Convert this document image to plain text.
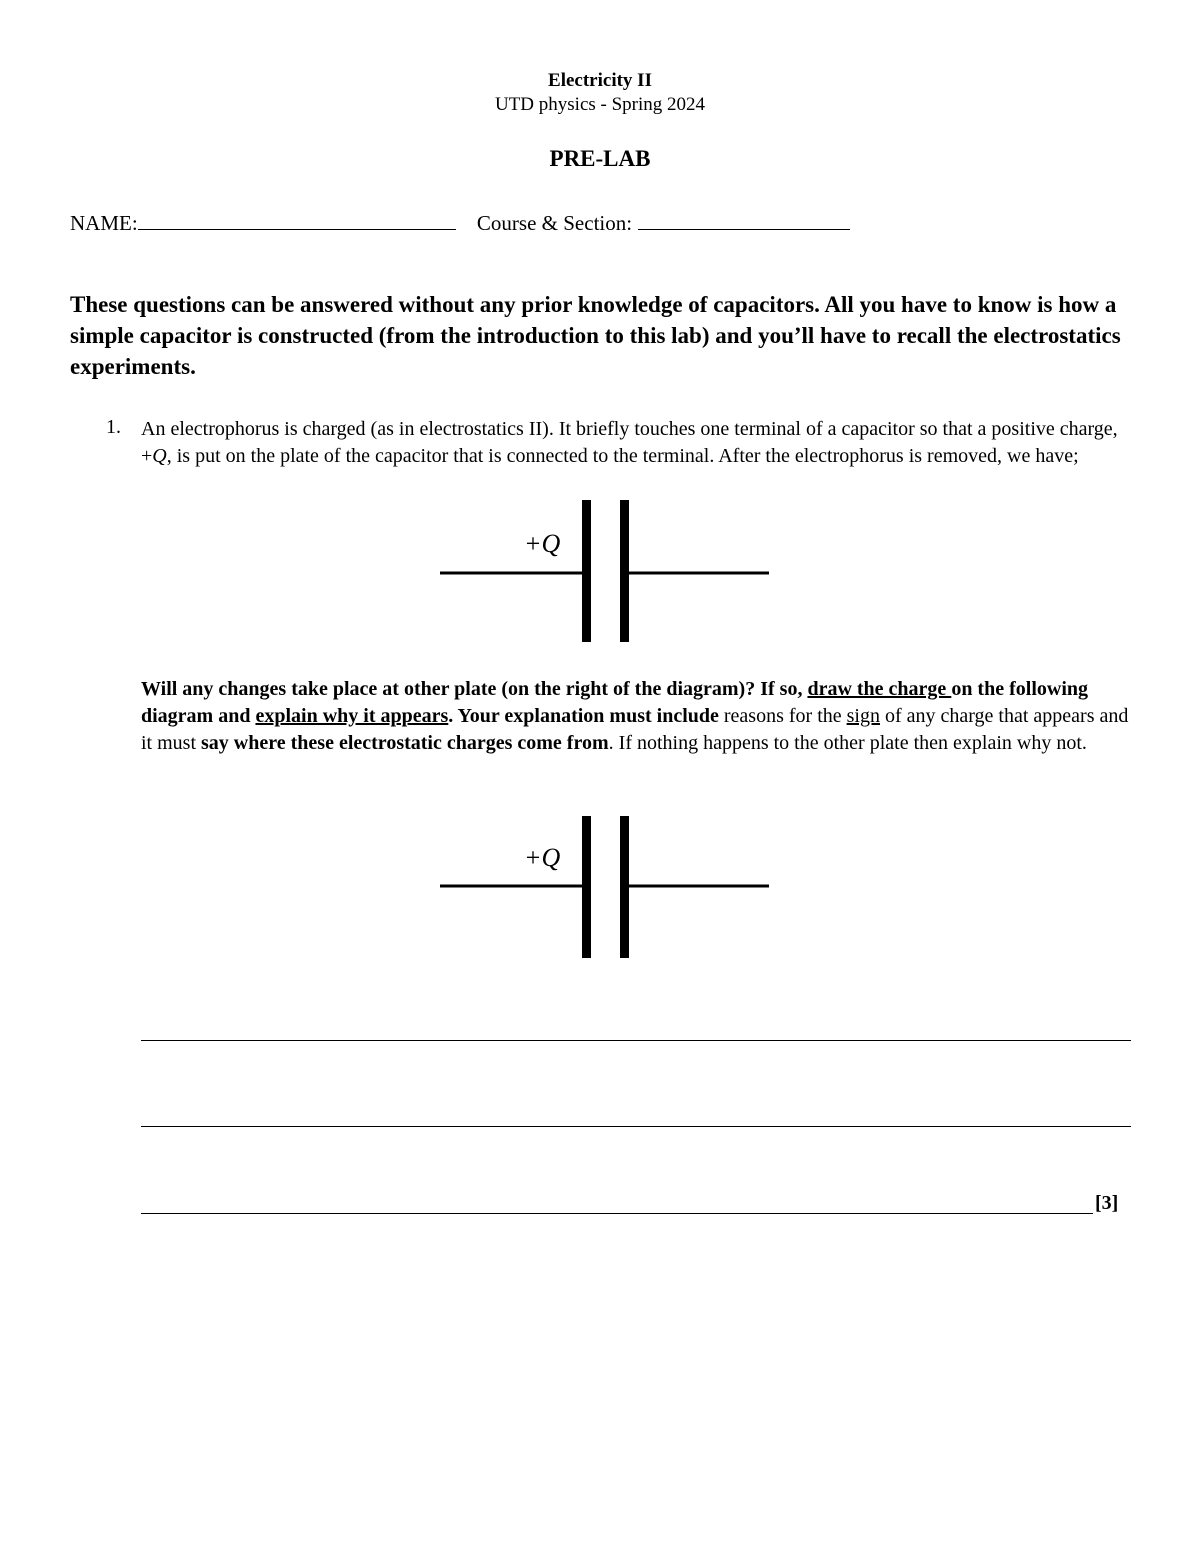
Electricity II
UTD physics - Spring 2024
PRE-LAB
NAME:	Course & Section:
These questions can be answered without any prior knowledge of capacitors. All you have to know is how a simple capacitor is constructed (from the introduction to this lab) and you’ll have to recall the electrostatics experiments.
1. An electrophorus is charged (as in electrostatics II). It briefly touches one terminal of a capacitor so that a positive charge, +Q, is put on the plate of the capacitor that is connected to the terminal. After the electrophorus is removed, we have;
+Q
Will any changes take place at other plate (on the right of the diagram)? If so, draw the charge on the following diagram and explain why it appears. Your explanation must include reasons for the sign of any charge that appears and it must say where these electrostatic charges come from. If nothing happens to the other plate then explain why not.
+Q
[3]
